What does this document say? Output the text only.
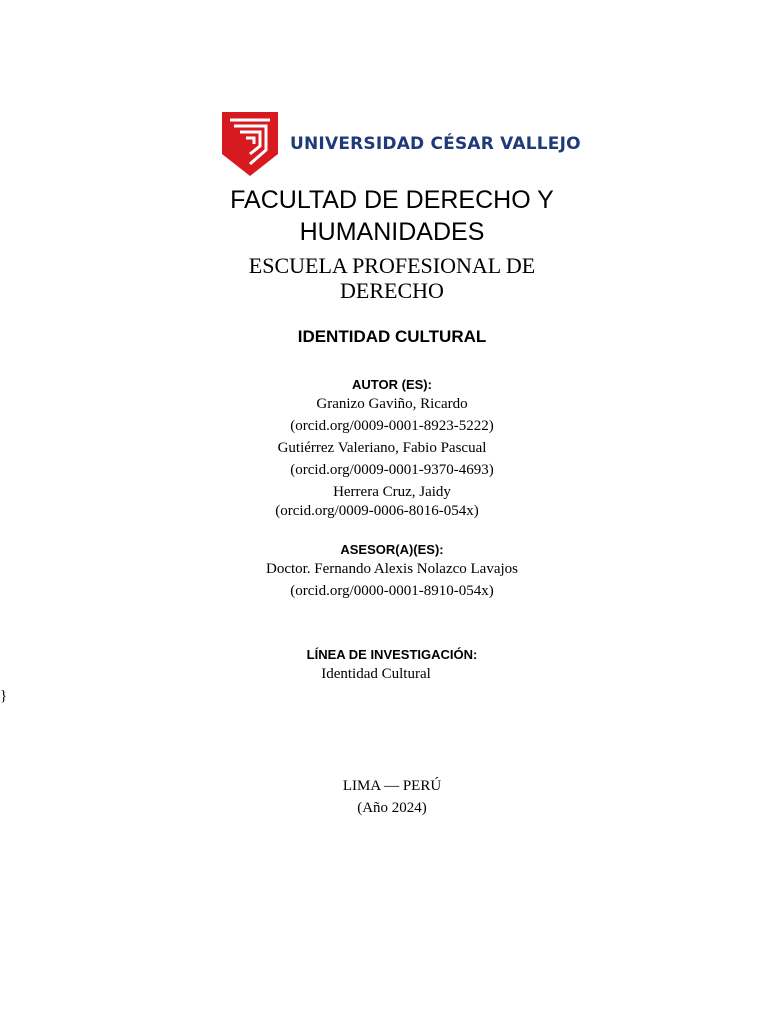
UNIVERSIDAD CÉSAR VALLEJO
FACULTAD DE DERECHO Y
HUMANIDADES
ESCUELA PROFESIONAL DE
DERECHO
IDENTIDAD CULTURAL
AUTOR (ES):
Granizo Gaviño, Ricardo
(orcid.org/0009-0001-8923-5222)
Gutiérrez Valeriano, Fabio Pascual
(orcid.org/0009-0001-9370-4693)
Herrera Cruz, Jaidy
(orcid.org/0009-0006-8016-054x)
ASESOR(A)(ES):
Doctor. Fernando Alexis Nolazco Lavajos
(orcid.org/0000-0001-8910-054x)
LÍNEA DE INVESTIGACIÓN:
Identidad Cultural
}
LIMA — PERÚ
(Año 2024)
